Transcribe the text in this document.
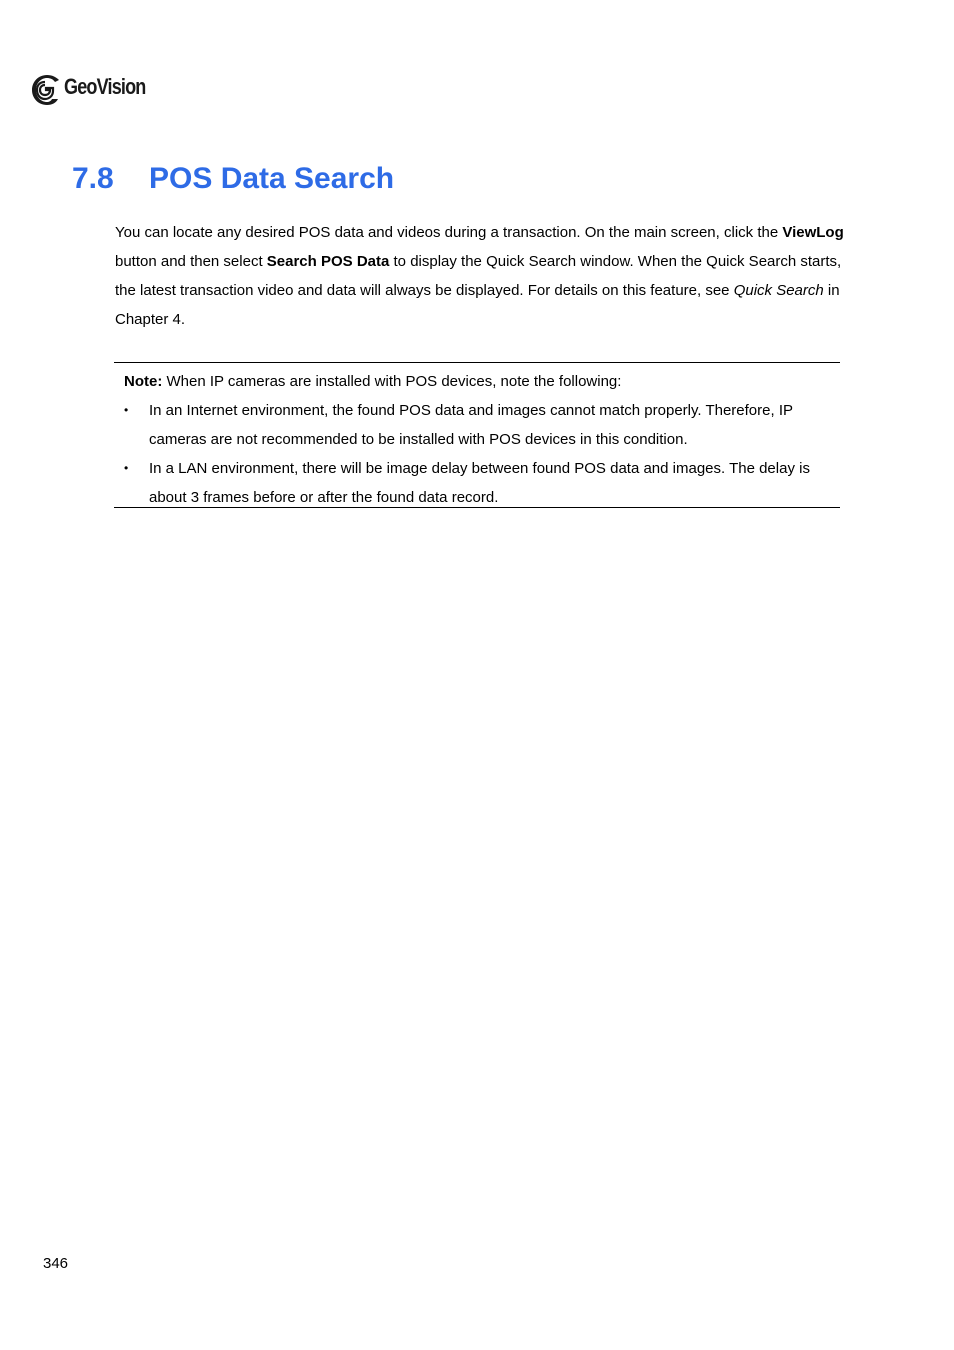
GeoVision
7.8 POS Data Search

You can locate any desired POS data and videos during a transaction. On the main screen, click the ViewLog button and then select Search POS Data to display the Quick Search window. When the Quick Search starts, the latest transaction video and data will always be displayed. For details on this feature, see Quick Search in Chapter 4.

Note: When IP cameras are installed with POS devices, note the following:

• In an Internet environment, the found POS data and images cannot match properly. Therefore, IP cameras are not recommended to be installed with POS devices in this condition.
• In a LAN environment, there will be image delay between found POS data and images. The delay is about 3 frames before or after the found data record.
346
